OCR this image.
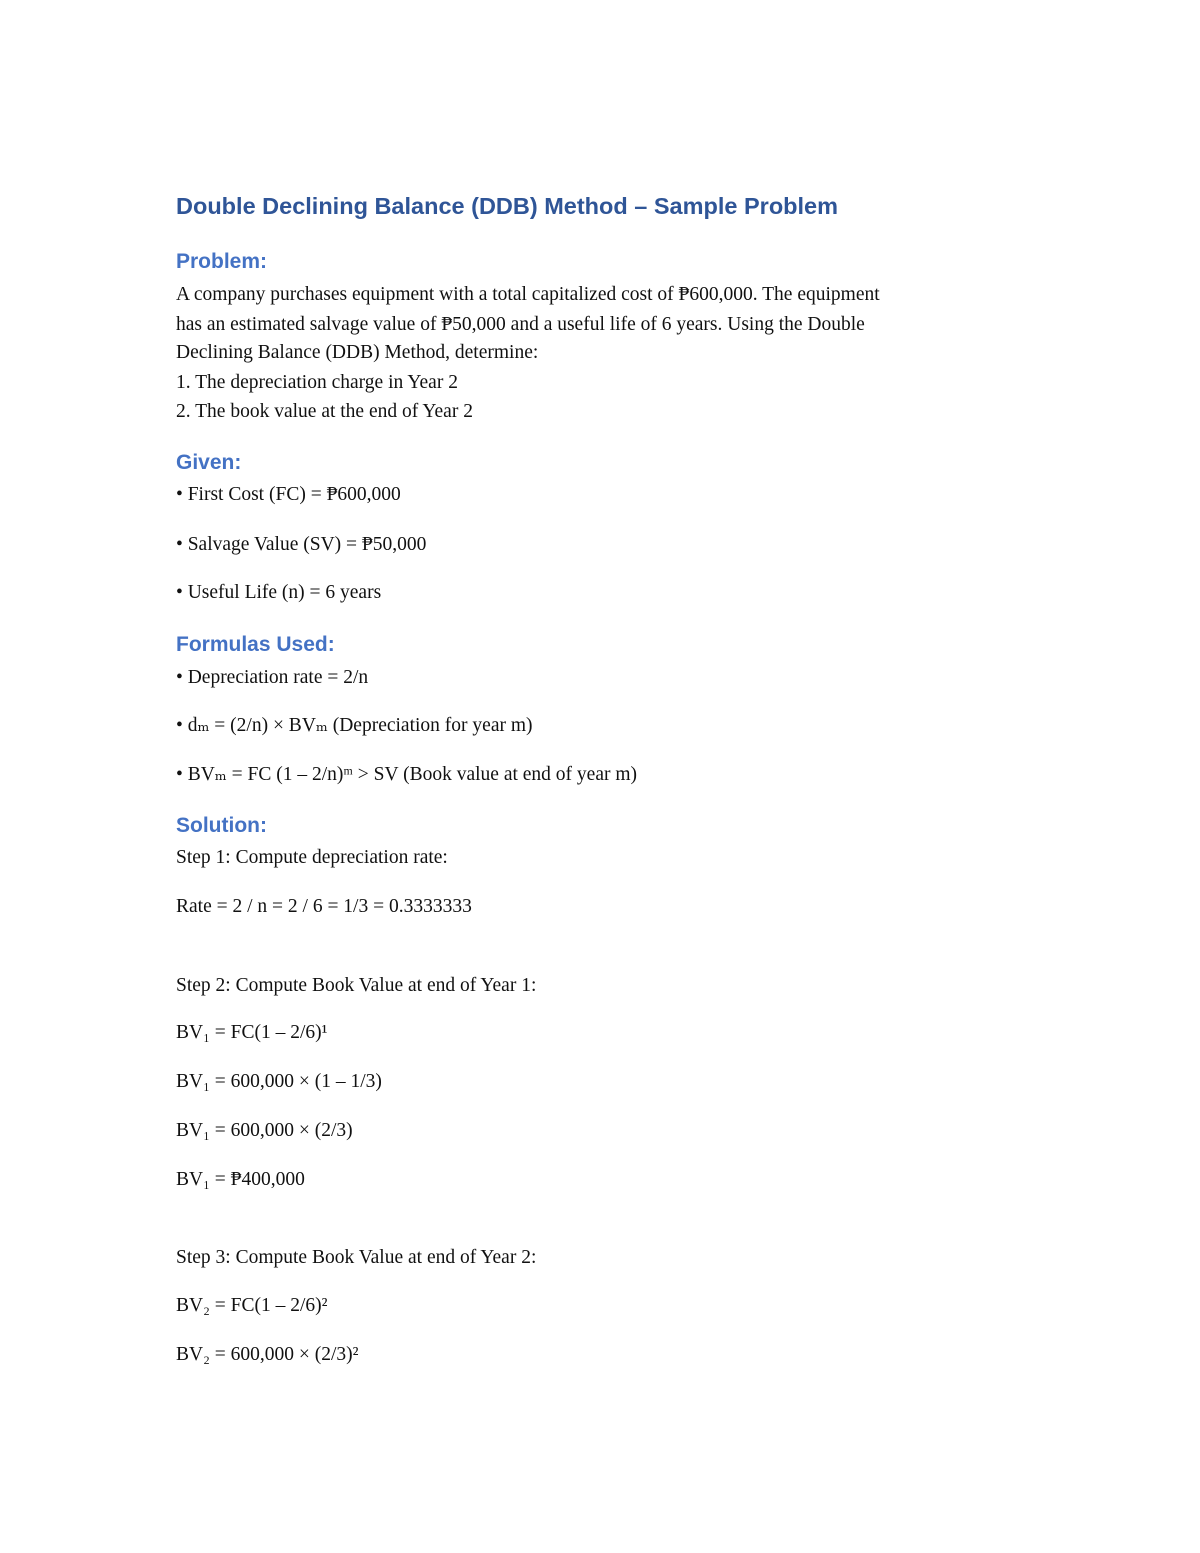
Double Declining Balance (DDB) Method – Sample Problem
Problem:
A company purchases equipment with a total capitalized cost of ₱600,000. The equipment
has an estimated salvage value of ₱50,000 and a useful life of 6 years. Using the Double
Declining Balance (DDB) Method, determine:
1. The depreciation charge in Year 2
2. The book value at the end of Year 2
Given:
• First Cost (FC) = ₱600,000
• Salvage Value (SV) = ₱50,000
• Useful Life (n) = 6 years
Formulas Used:
• Depreciation rate = 2/n
• dₘ = (2/n) × BVₘ (Depreciation for year m)
• BVₘ = FC (1 – 2/n)ᵐ > SV (Book value at end of year m)
Solution:
Step 1: Compute depreciation rate:
Rate = 2 / n = 2 / 6 = 1/3 = 0.3333333
Step 2: Compute Book Value at end of Year 1:
BV₁ = FC(1 – 2/6)¹
BV₁ = 600,000 × (1 – 1/3)
BV₁ = 600,000 × (2/3)
BV₁ = ₱400,000
Step 3: Compute Book Value at end of Year 2:
BV₂ = FC(1 – 2/6)²
BV₂ = 600,000 × (2/3)²
